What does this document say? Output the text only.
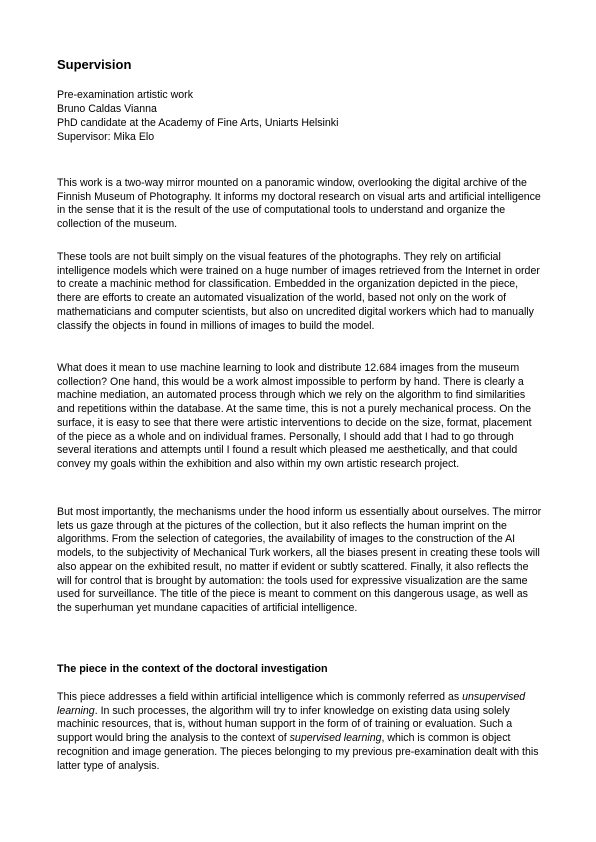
Supervision
Pre-examination artistic work
Bruno Caldas Vianna
PhD candidate at the Academy of Fine Arts, Uniarts Helsinki
Supervisor: Mika Elo

This work is a two-way mirror mounted on a panoramic window, overlooking the digital archive of the Finnish Museum of Photography. It informs my doctoral research on visual arts and artificial intelligence in the sense that it is the result of the use of computational tools to understand and organize the collection of the museum.

These tools are not built simply on the visual features of the photographs. They rely on artificial intelligence models which were trained on a huge number of images retrieved from the Internet in order to create a machinic method for classification. Embedded in the organization depicted in the piece, there are efforts to create an automated visualization of the world, based not only on the work of mathematicians and computer scientists, but also on uncredited digital workers which had to manually classify the objects in found in millions of images to build the model.

What does it mean to use machine learning to look and distribute 12.684 images from the museum collection? One hand, this would be a work almost impossible to perform by hand. There is clearly a machine mediation, an automated process through which we rely on the algorithm to find similarities and repetitions within the database. At the same time, this is not a purely mechanical process. On the surface, it is easy to see that there were artistic interventions to decide on the size, format, placement of the piece as a whole and on individual frames. Personally, I should add that I had to go through several iterations and attempts until I found a result which pleased me aesthetically, and that could convey my goals within the exhibition and also within my own artistic research project.

But most importantly, the mechanisms under the hood inform us essentially about ourselves. The mirror lets us gaze through at the pictures of the collection, but it also reflects the human imprint on the algorithms. From the selection of categories, the availability of images to the construction of the AI models, to the subjectivity of Mechanical Turk workers, all the biases present in creating these tools will also appear on the exhibited result, no matter if evident or subtly scattered. Finally, it also reflects the will for control that is brought by automation: the tools used for expressive visualization are the same used for surveillance. The title of the piece is meant to comment on this dangerous usage, as well as the superhuman yet mundane capacities of artificial intelligence.

The piece in the context of the doctoral investigation

This piece addresses a field within artificial intelligence which is commonly referred as unsupervised learning. In such processes, the algorithm will try to infer knowledge on existing data using solely machinic resources, that is, without human support in the form of of training or evaluation. Such a support would bring the analysis to the context of supervised learning, which is common is object recognition and image generation. The pieces belonging to my previous pre-examination dealt with this latter type of analysis.
